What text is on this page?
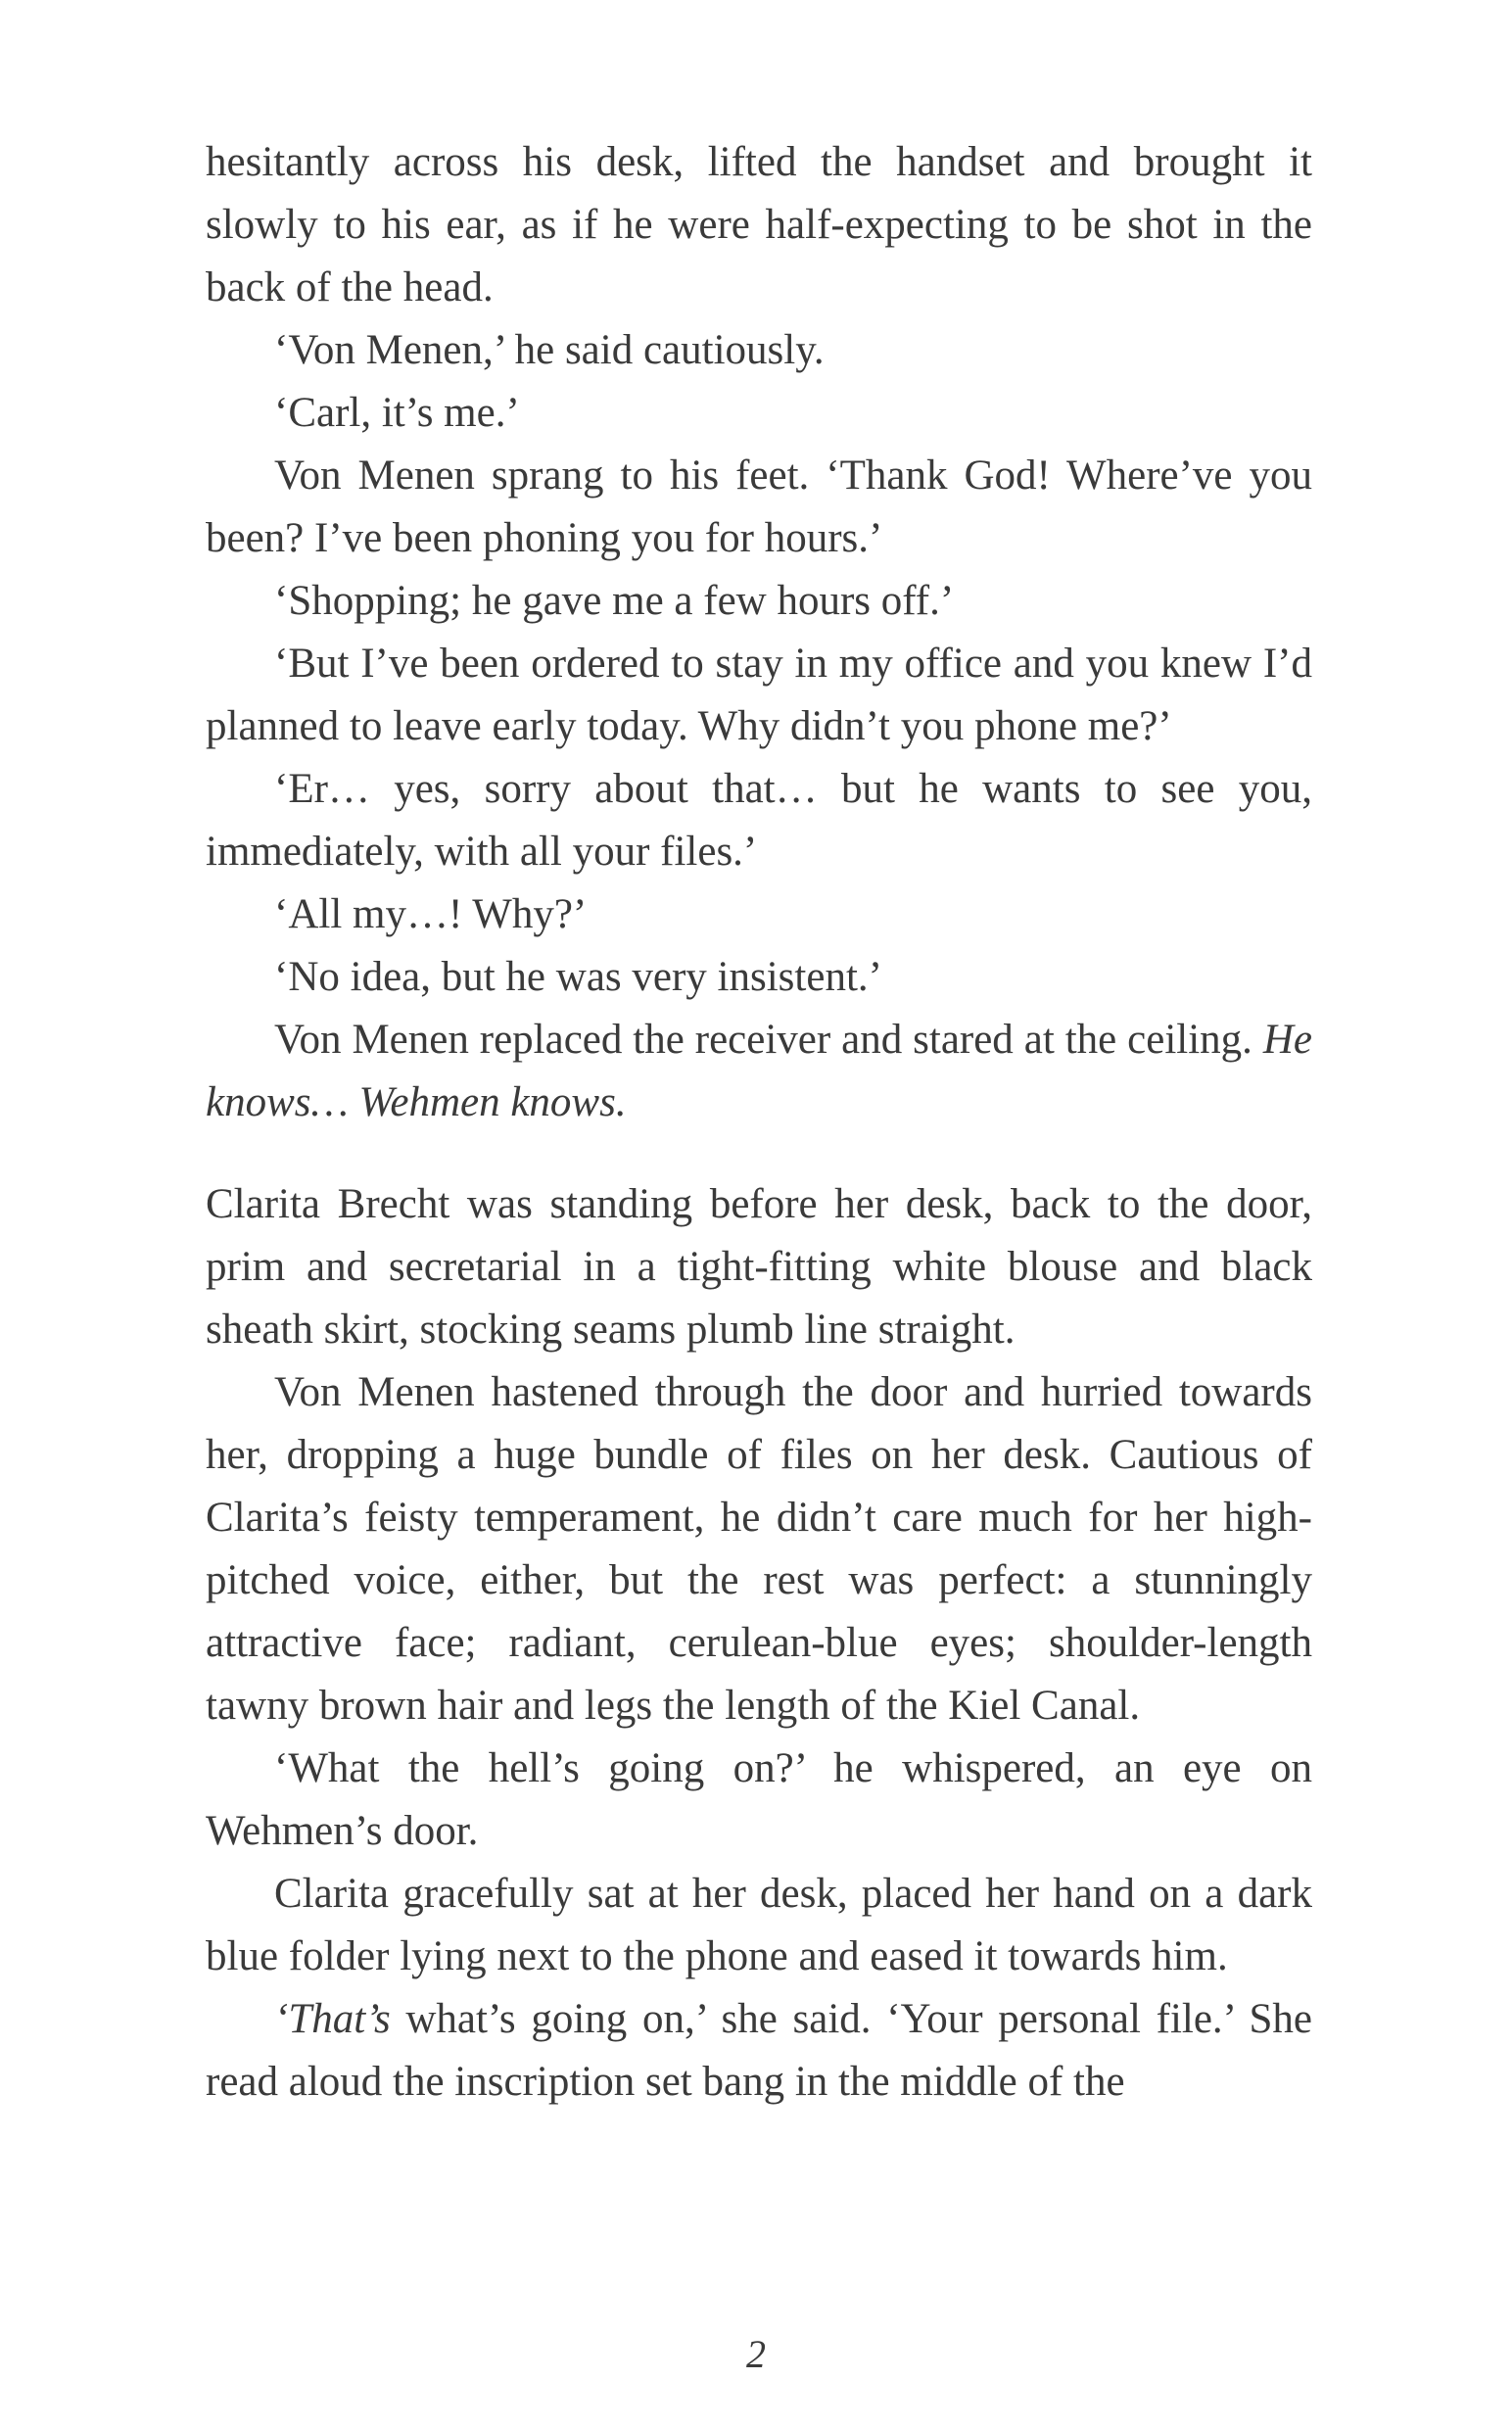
hesitantly across his desk, lifted the handset and brought it slowly to his ear, as if he were half-expecting to be shot in the back of the head.

‘Von Menen,’ he said cautiously.

‘Carl, it’s me.’

Von Menen sprang to his feet. ‘Thank God! Where’ve you been? I’ve been phoning you for hours.’

‘Shopping; he gave me a few hours off.’

‘But I’ve been ordered to stay in my office and you knew I’d planned to leave early today. Why didn’t you phone me?’

‘Er… yes, sorry about that… but he wants to see you, immediately, with all your files.’

‘All my…! Why?’

‘No idea, but he was very insistent.’

Von Menen replaced the receiver and stared at the ceiling. He knows… Wehmen knows.

Clarita Brecht was standing before her desk, back to the door, prim and secretarial in a tight-fitting white blouse and black sheath skirt, stocking seams plumb line straight.

Von Menen hastened through the door and hurried towards her, dropping a huge bundle of files on her desk. Cautious of Clarita’s feisty temperament, he didn’t care much for her high-pitched voice, either, but the rest was perfect: a stunningly attractive face; radiant, cerulean-blue eyes; shoulder-length tawny brown hair and legs the length of the Kiel Canal.

‘What the hell’s going on?’ he whispered, an eye on Wehmen’s door.

Clarita gracefully sat at her desk, placed her hand on a dark blue folder lying next to the phone and eased it towards him.

‘That’s what’s going on,’ she said. ‘Your personal file.’ She read aloud the inscription set bang in the middle of the

2
